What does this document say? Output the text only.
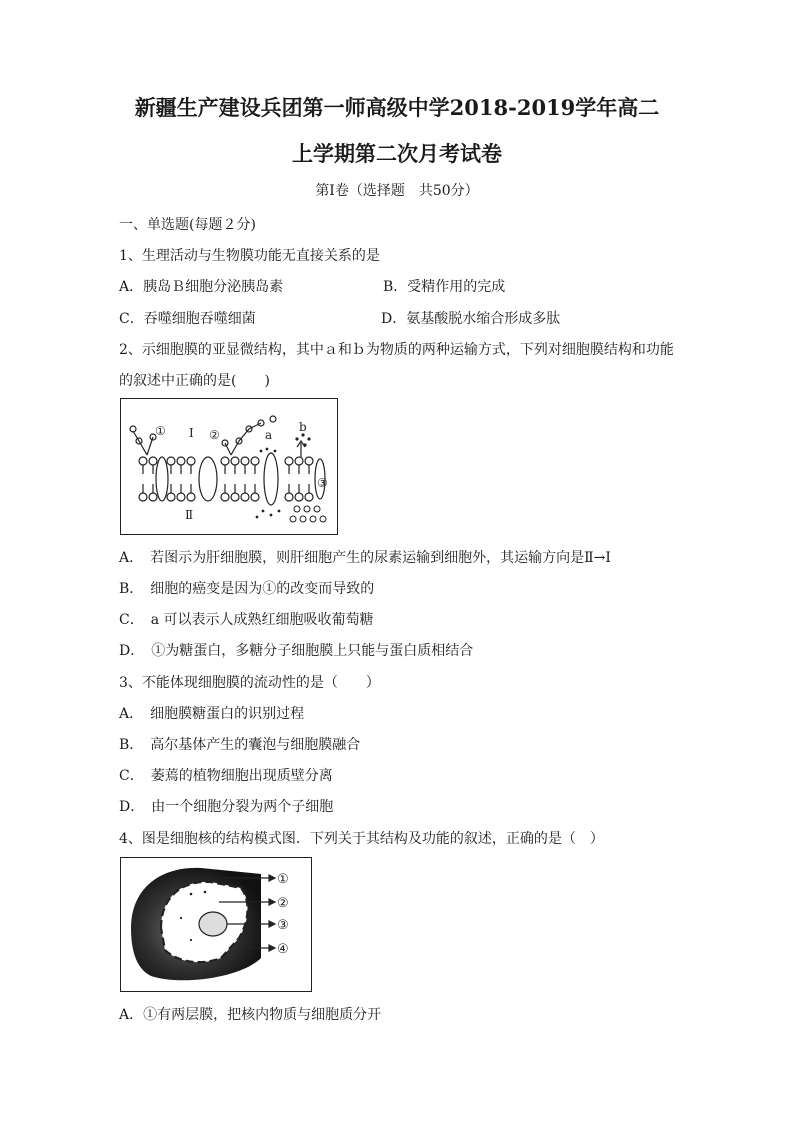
新疆生产建设兵团第一师高级中学2018-2019学年高二
上学期第二次月考试卷
第Ⅰ卷（选择题　共50分）
一、单选题(每题２分)
1、生理活动与生物膜功能无直接关系的是
A．胰岛Ｂ细胞分泌胰岛素	B．受精作用的完成
C．吞噬细胞吞噬细菌	D．氨基酸脱水缩合形成多肽
2、示细胞膜的亚显微结构，其中ａ和ｂ为物质的两种运输方式，下列对细胞膜结构和功能
的叙述中正确的是(　　)
① Ⅰ ②	a
b
③
Ⅱ
A．　若图示为肝细胞膜，则肝细胞产生的尿素运输到细胞外，其运输方向是Ⅱ→Ⅰ
B．　细胞的癌变是因为①的改变而导致的
C．　a 可以表示人成熟红细胞吸收葡萄糖
D．　①为糖蛋白，多糖分子细胞膜上只能与蛋白质相结合
3、不能体现细胞膜的流动性的是（　　）
A．　细胞膜糖蛋白的识别过程
B．　高尔基体产生的囊泡与细胞膜融合
C．　萎蔫的植物细胞出现质壁分离
D．　由一个细胞分裂为两个子细胞
4、图是细胞核的结构模式图．下列关于其结构及功能的叙述，正确的是（　）
①
②
③
④
A．①有两层膜，把核内物质与细胞质分开
